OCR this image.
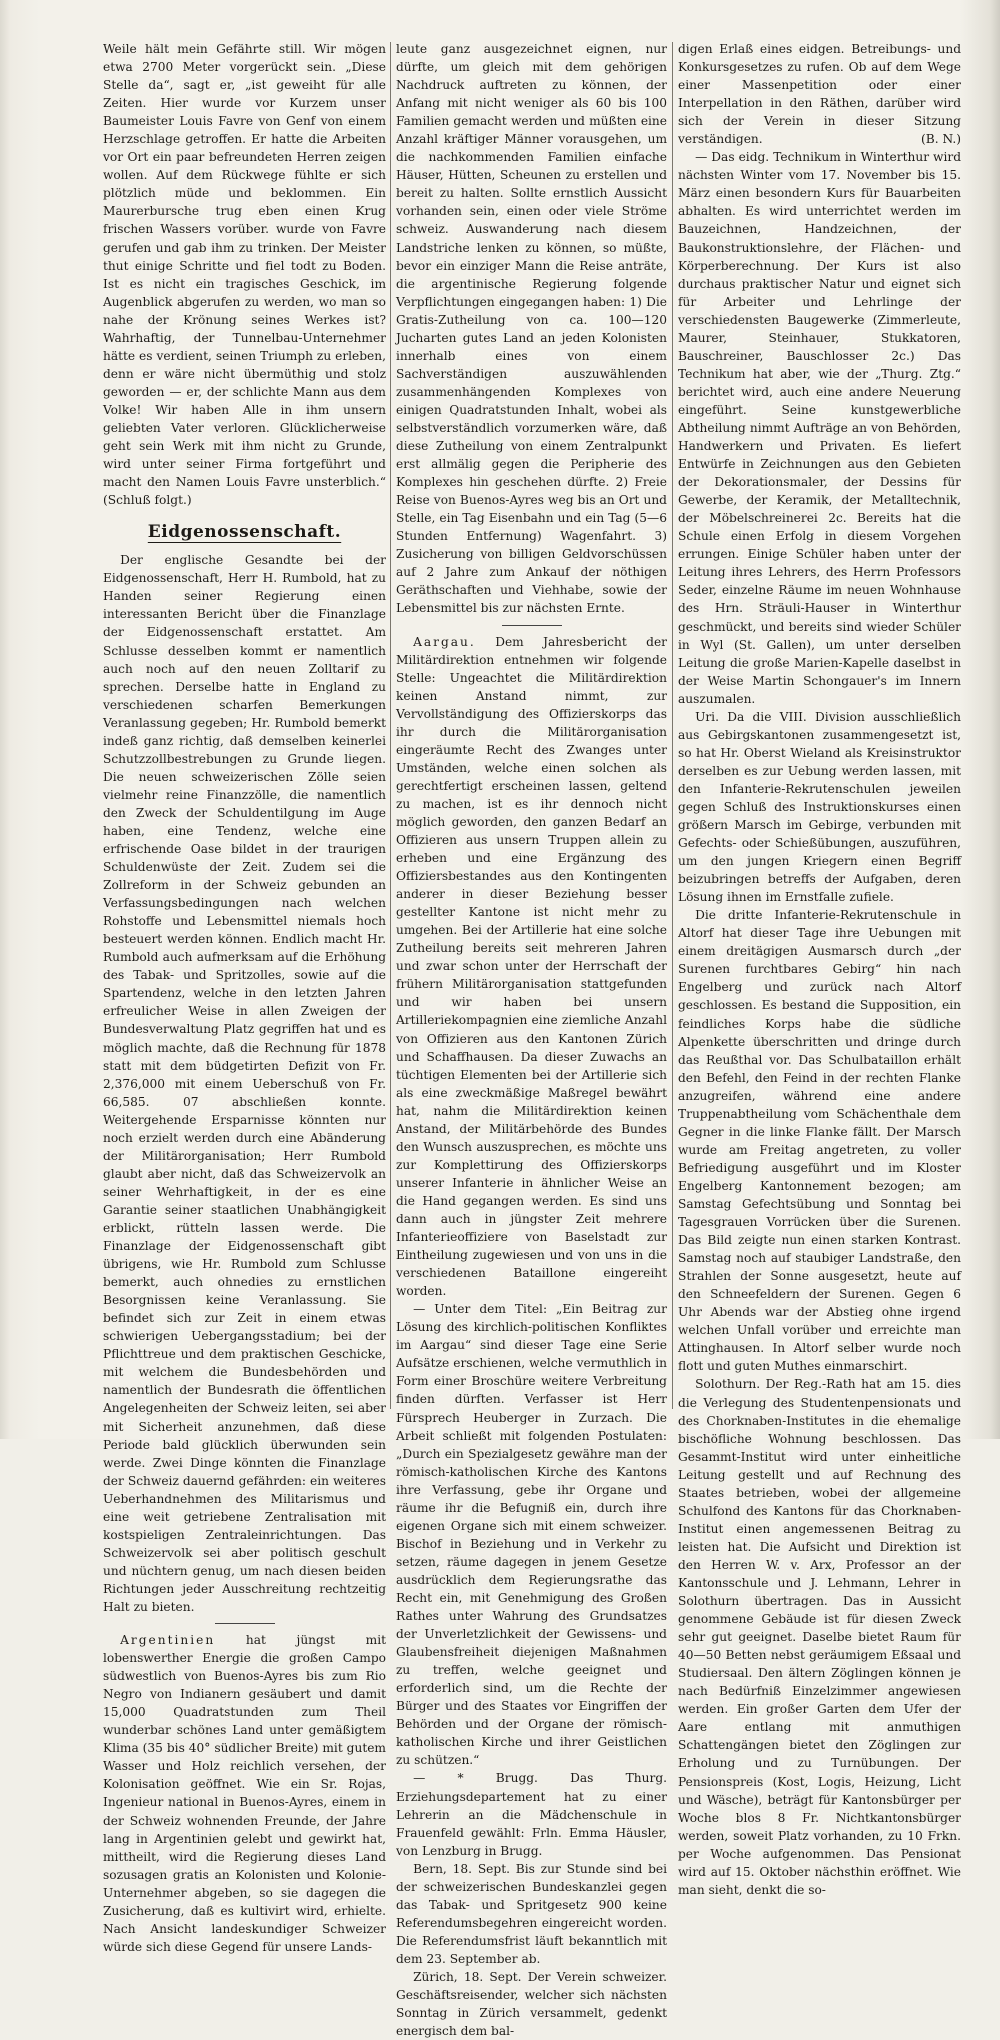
Weile hält mein Gefährte still. Wir mögen etwa 2700 Meter vorgerückt sein. „Diese Stelle da“, sagt er, „ist geweiht für alle Zeiten. Hier wurde vor Kurzem unser Baumeister Louis Favre von Genf von einem Herzschlage getroffen. Er hatte die Arbeiten vor Ort ein paar befreundeten Herren zeigen wollen. Auf dem Rückwege fühlte er sich plötzlich müde und beklommen. Ein Maurerbursche trug eben einen Krug frischen Wassers vorüber. wurde von Favre gerufen und gab ihm zu trinken. Der Meister thut einige Schritte und fiel todt zu Boden. Ist es nicht ein tragisches Geschick, im Augenblick abgerufen zu werden, wo man so nahe der Krönung seines Werkes ist? Wahrhaftig, der Tunnelbau-Unternehmer hätte es verdient, seinen Triumph zu erleben, denn er wäre nicht übermüthig und stolz geworden — er, der schlichte Mann aus dem Volke! Wir haben Alle in ihm unsern geliebten Vater verloren. Glücklicherweise geht sein Werk mit ihm nicht zu Grunde, wird unter seiner Firma fortgeführt und macht den Namen Louis Favre unsterblich.“ (Schluß folgt.)

Eidgenossenschaft.

Der englische Gesandte bei der Eidgenossenschaft, Herr H. Rumbold, hat zu Handen seiner Regierung einen interessanten Bericht über die Finanzlage der Eidgenossenschaft erstattet. Am Schlusse desselben kommt er namentlich auch noch auf den neuen Zolltarif zu sprechen. Derselbe hatte in England zu verschiedenen scharfen Bemerkungen Veranlassung gegeben; Hr. Rumbold bemerkt indeß ganz richtig, daß demselben keinerlei Schutzzollbestrebungen zu Grunde liegen. Die neuen schweizerischen Zölle seien vielmehr reine Finanzzölle, die namentlich den Zweck der Schuldentilgung im Auge haben, eine Tendenz, welche eine erfrischende Oase bildet in der traurigen Schuldenwüste der Zeit. Zudem sei die Zollreform in der Schweiz gebunden an Verfassungsbedingungen nach welchen Rohstoffe und Lebensmittel niemals hoch besteuert werden können. Endlich macht Hr. Rumbold auch aufmerksam auf die Erhöhung des Tabak- und Spritzolles, sowie auf die Spartendenz, welche in den letzten Jahren erfreulicher Weise in allen Zweigen der Bundesverwaltung Platz gegriffen hat und es möglich machte, daß die Rechnung für 1878 statt mit dem büdgetirten Defizit von Fr. 2,376,000 mit einem Ueberschuß von Fr. 66,585. 07 abschließen konnte. Weitergehende Ersparnisse könnten nur noch erzielt werden durch eine Abänderung der Militärorganisation; Herr Rumbold glaubt aber nicht, daß das Schweizervolk an seiner Wehrhaftigkeit, in der es eine Garantie seiner staatlichen Unabhängigkeit erblickt, rütteln lassen werde. Die Finanzlage der Eidgenossenschaft gibt übrigens, wie Hr. Rumbold zum Schlusse bemerkt, auch ohnedies zu ernstlichen Besorgnissen keine Veranlassung. Sie befindet sich zur Zeit in einem etwas schwierigen Uebergangsstadium; bei der Pflichttreue und dem praktischen Geschicke, mit welchem die Bundesbehörden und namentlich der Bundesrath die öffentlichen Angelegenheiten der Schweiz leiten, sei aber mit Sicherheit anzunehmen, daß diese Periode bald glücklich überwunden sein werde. Zwei Dinge könnten die Finanzlage der Schweiz dauernd gefährden: ein weiteres Ueberhandnehmen des Militarismus und eine weit getriebene Zentralisation mit kostspieligen Zentraleinrichtungen. Das Schweizervolk sei aber politisch geschult und nüchtern genug, um nach diesen beiden Richtungen jeder Ausschreitung rechtzeitig Halt zu bieten.

Argentinien	hat jüngst mit lobenswerther Energie die großen Campo südwestlich von Buenos-Ayres bis zum Rio Negro von Indianern gesäubert und damit 15,000 Quadratstunden zum Theil wunderbar schönes Land unter gemäßigtem Klima (35 bis 40° südlicher Breite) mit gutem Wasser und Holz reichlich versehen, der Kolonisation geöffnet. Wie ein Sr. Rojas, Ingenieur national in Buenos-Ayres, einem in der Schweiz wohnenden Freunde, der Jahre lang in Argentinien gelebt und gewirkt hat, mittheilt, wird die Regierung dieses Land sozusagen gratis an Kolonisten und Kolonie-Unternehmer abgeben, so sie dagegen die Zusicherung, daß es kultivirt wird, erhielte. Nach Ansicht landeskundiger Schweizer würde sich diese Gegend für unsere Lands-

leute ganz ausgezeichnet eignen, nur dürfte, um gleich mit dem gehörigen Nachdruck auftreten zu können, der Anfang mit nicht weniger als 60 bis 100 Familien gemacht werden und müßten eine Anzahl kräftiger Männer vorausgehen, um die nachkommenden Familien einfache Häuser, Hütten, Scheunen zu erstellen und bereit zu halten. Sollte ernstlich Aussicht vorhanden sein, einen oder viele Ströme schweiz. Auswanderung nach diesem Landstriche lenken zu können, so müßte, bevor ein einziger Mann die Reise anträte, die argentinische Regierung folgende Verpflichtungen eingegangen haben: 1) Die Gratis-Zutheilung von ca. 100—120 Jucharten gutes Land an jeden Kolonisten innerhalb eines von einem Sachverständigen auszuwählenden zusammenhängenden Komplexes von einigen Quadratstunden Inhalt, wobei als selbstverständlich vorzumerken wäre, daß diese Zutheilung von einem Zentralpunkt erst allmälig gegen die Peripherie des Komplexes hin geschehen dürfte. 2) Freie Reise von Buenos-Ayres weg bis an Ort und Stelle, ein Tag Eisenbahn und ein Tag (5—6 Stunden Entfernung) Wagenfahrt. 3) Zusicherung von billigen Geldvorschüssen auf 2 Jahre zum Ankauf der nöthigen Geräthschaften und Viehhabe, sowie der Lebensmittel bis zur nächsten Ernte.

Aargau. Dem Jahresbericht der Militärdirektion entnehmen wir folgende Stelle: Ungeachtet die Militärdirektion keinen Anstand nimmt, zur Vervollständigung des Offizierskorps das ihr durch die Militärorganisation eingeräumte Recht des Zwanges unter Umständen, welche einen solchen als gerechtfertigt erscheinen lassen, geltend zu machen, ist es ihr dennoch nicht möglich geworden, den ganzen Bedarf an Offizieren aus unsern Truppen allein zu erheben und eine Ergänzung des Offiziersbestandes aus den Kontingenten anderer in dieser Beziehung besser gestellter Kantone ist nicht mehr zu umgehen. Bei der Artillerie hat eine solche Zutheilung bereits seit mehreren Jahren und zwar schon unter der Herrschaft der frühern Militärorganisation stattgefunden und wir haben bei unsern Artilleriekompagnien eine ziemliche Anzahl von Offizieren aus den Kantonen Zürich und Schaffhausen. Da dieser Zuwachs an tüchtigen Elementen bei der Artillerie sich als eine zweckmäßige Maßregel bewährt hat, nahm die Militärdirektion keinen Anstand, der Militärbehörde des Bundes den Wunsch auszusprechen, es möchte uns zur Komplettirung des Offizierskorps unserer Infanterie in ähnlicher Weise an die Hand gegangen werden. Es sind uns dann auch in jüngster Zeit mehrere Infanterieoffiziere von Baselstadt zur Eintheilung zugewiesen und von uns in die verschiedenen Bataillone eingereiht worden.

— Unter dem Titel: „Ein Beitrag zur Lösung des kirchlich-politischen Konfliktes im Aargau“ sind dieser Tage eine Serie Aufsätze erschienen, welche vermuthlich in Form einer Broschüre weitere Verbreitung finden dürften. Verfasser ist Herr Fürsprech Heuberger in Zurzach. Die Arbeit schließt mit folgenden Postulaten: „Durch ein Spezialgesetz gewähre man der römisch-katholischen Kirche des Kantons ihre Verfassung, gebe ihr Organe und räume ihr die Befugniß ein, durch ihre eigenen Organe sich mit einem schweizer. Bischof in Beziehung und in Verkehr zu setzen, räume dagegen in jenem Gesetze ausdrücklich dem Regierungsrathe das Recht ein, mit Genehmigung des Großen Rathes unter Wahrung des Grundsatzes der Unverletzlichkeit der Gewissens- und Glaubensfreiheit diejenigen Maßnahmen zu treffen, welche geeignet und erforderlich sind, um die Rechte der Bürger und des Staates vor Eingriffen der Behörden und der Organe der römisch-katholischen Kirche und ihrer Geistlichen zu schützen.“

— * Brugg. Das Thurg. Erziehungsdepartement hat zu einer Lehrerin an die Mädchenschule in Frauenfeld gewählt: Frln. Emma Häusler, von Lenzburg in Brugg.

Bern, 18. Sept. Bis zur Stunde sind bei der schweizerischen Bundeskanzlei gegen das Tabak- und Spritgesetz 900 keine Referendumsbegehren eingereicht worden. Die Referendumsfrist läuft bekanntlich mit dem 23. September ab.

Zürich, 18. Sept. Der Verein schweizer. Geschäftsreisender, welcher sich nächsten Sonntag in Zürich versammelt, gedenkt energisch dem bal-

digen Erlaß eines eidgen. Betreibungs- und Konkursgesetzes zu rufen. Ob auf dem Wege einer Massenpetition oder einer Interpellation in den Räthen, darüber wird sich der Verein in dieser Sitzung verständigen.	(B. N.)

— Das eidg. Technikum in Winterthur wird nächsten Winter vom 17. November bis 15. März einen besondern Kurs für Bauarbeiten abhalten. Es wird unterrichtet werden im Bauzeichnen, Handzeichnen, der Baukonstruktionslehre, der Flächen- und Körperberechnung. Der Kurs ist also durchaus praktischer Natur und eignet sich für Arbeiter und Lehrlinge der verschiedensten Baugewerke (Zimmerleute, Maurer, Steinhauer, Stukkatoren, Bauschreiner, Bauschlosser 2c.) Das Technikum hat aber, wie der „Thurg. Ztg.“ berichtet wird, auch eine andere Neuerung eingeführt. Seine kunstgewerbliche Abtheilung nimmt Aufträge an von Behörden, Handwerkern und Privaten. Es liefert Entwürfe in Zeichnungen aus den Gebieten der Dekorationsmaler, der Dessins für Gewerbe, der Keramik, der Metalltechnik, der Möbelschreinerei 2c. Bereits hat die Schule einen Erfolg in diesem Vorgehen errungen. Einige Schüler haben unter der Leitung ihres Lehrers, des Herrn Professors Seder, einzelne Räume im neuen Wohnhause des Hrn. Sträuli-Hauser in Winterthur geschmückt, und bereits sind wieder Schüler in Wyl (St. Gallen), um unter derselben Leitung die große Marien-Kapelle daselbst in der Weise Martin Schongauer's im Innern auszumalen.

Uri. Da die VIII. Division ausschließlich aus Gebirgskantonen zusammengesetzt ist, so hat Hr. Oberst Wieland als Kreisinstruktor derselben es zur Uebung werden lassen, mit den Infanterie-Rekrutenschulen jeweilen gegen Schluß des Instruktionskurses einen größern Marsch im Gebirge, verbunden mit Gefechts- oder Schießübungen, auszuführen, um den jungen Kriegern einen Begriff beizubringen betreffs der Aufgaben, deren Lösung ihnen im Ernstfalle zufiele.

Die dritte Infanterie-Rekrutenschule in Altorf hat dieser Tage ihre Uebungen mit einem dreitägigen Ausmarsch durch „der Surenen furchtbares Gebirg“ hin nach Engelberg und zurück nach Altorf geschlossen. Es bestand die Supposition, ein feindliches Korps habe die südliche Alpenkette überschritten und dringe durch das Reußthal vor. Das Schulbataillon erhält den Befehl, den Feind in der rechten Flanke anzugreifen, während eine andere Truppenabtheilung vom Schächenthale dem Gegner in die linke Flanke fällt. Der Marsch wurde am Freitag angetreten, zu voller Befriedigung ausgeführt und im Kloster Engelberg Kantonnement bezogen; am Samstag Gefechtsübung und Sonntag bei Tagesgrauen Vorrücken über die Surenen. Das Bild zeigte nun einen starken Kontrast. Samstag noch auf staubiger Landstraße, den Strahlen der Sonne ausgesetzt, heute auf den Schneefeldern der Surenen. Gegen 6 Uhr Abends war der Abstieg ohne irgend welchen Unfall vorüber und erreichte man Attinghausen. In Altorf selber wurde noch flott und guten Muthes einmarschirt.

Solothurn. Der Reg.-Rath hat am 15. dies die Verlegung des Studentenpensionats und des Chorknaben-Institutes in die ehemalige bischöfliche Wohnung beschlossen. Das Gesammt-Institut wird unter einheitliche Leitung gestellt und auf Rechnung des Staates betrieben, wobei der allgemeine Schulfond des Kantons für das Chorknaben-Institut einen angemessenen Beitrag zu leisten hat. Die Aufsicht und Direktion ist den Herren W. v. Arx, Professor an der Kantonsschule und J. Lehmann, Lehrer in Solothurn übertragen. Das in Aussicht genommene Gebäude ist für diesen Zweck sehr gut geeignet. Daselbe bietet Raum für 40—50 Betten nebst geräumigem Eßsaal und Studiersaal. Den ältern Zöglingen können je nach Bedürfniß Einzelzimmer angewiesen werden. Ein großer Garten dem Ufer der Aare entlang mit anmuthigen Schattengängen bietet den Zöglingen zur Erholung und zu Turnübungen. Der Pensionspreis (Kost, Logis, Heizung, Licht und Wäsche), beträgt für Kantonsbürger per Woche blos 8 Fr. Nichtkantonsbürger werden, soweit Platz vorhanden, zu 10 Frkn. per Woche aufgenommen. Das Pensionat wird auf 15. Oktober nächsthin eröffnet. Wie man sieht, denkt die so-
